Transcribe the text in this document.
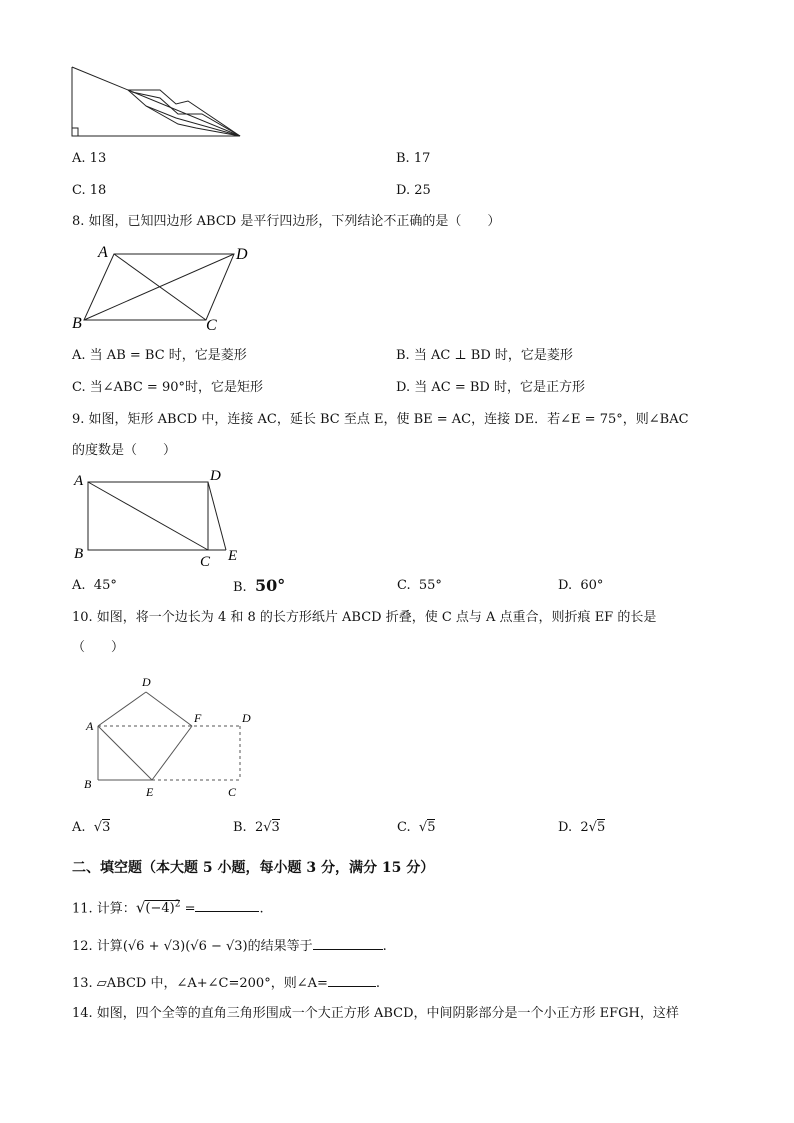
A. 13	B. 17
C. 18	D. 25
8. 如图，已知四边形 ABCD 是平行四边形，下列结论不正确的是（　　）
A	D
B	C
A. 当 AB = BC 时，它是菱形	B. 当 AC ⊥ BD 时，它是菱形
C. 当∠ABC = 90°时，它是矩形	D. 当 AC = BD 时，它是正方形
9. 如图，矩形 ABCD 中，连接 AC，延长 BC 至点 E，使 BE = AC，连接 DE．若∠E = 75°，则∠BAC
的度数是（　　）
A	D
B	C E
A. 45°	B. 50°	C. 55°	D. 60°
10. 如图，将一个边长为 4 和 8 的长方形纸片 ABCD 折叠，使 C 点与 A 点重合，则折痕 EF 的长是
（　　）
D
A
F	D
B
E	C
A. √3	B. 2√3	C. √5	D. 2√5
二、填空题（本大题 5 小题，每小题 3 分，满分 15 分）
11. 计算：$√(-4)^2$ =	.
12. 计算(√6 + √3)(√6 − √3)的结果等于	.
13. ▱ABCD 中，∠A+∠C=200°，则∠A=	.
14. 如图，四个全等的直角三角形围成一个大正方形 ABCD，中间阴影部分是一个小正方形 EFGH，这样
